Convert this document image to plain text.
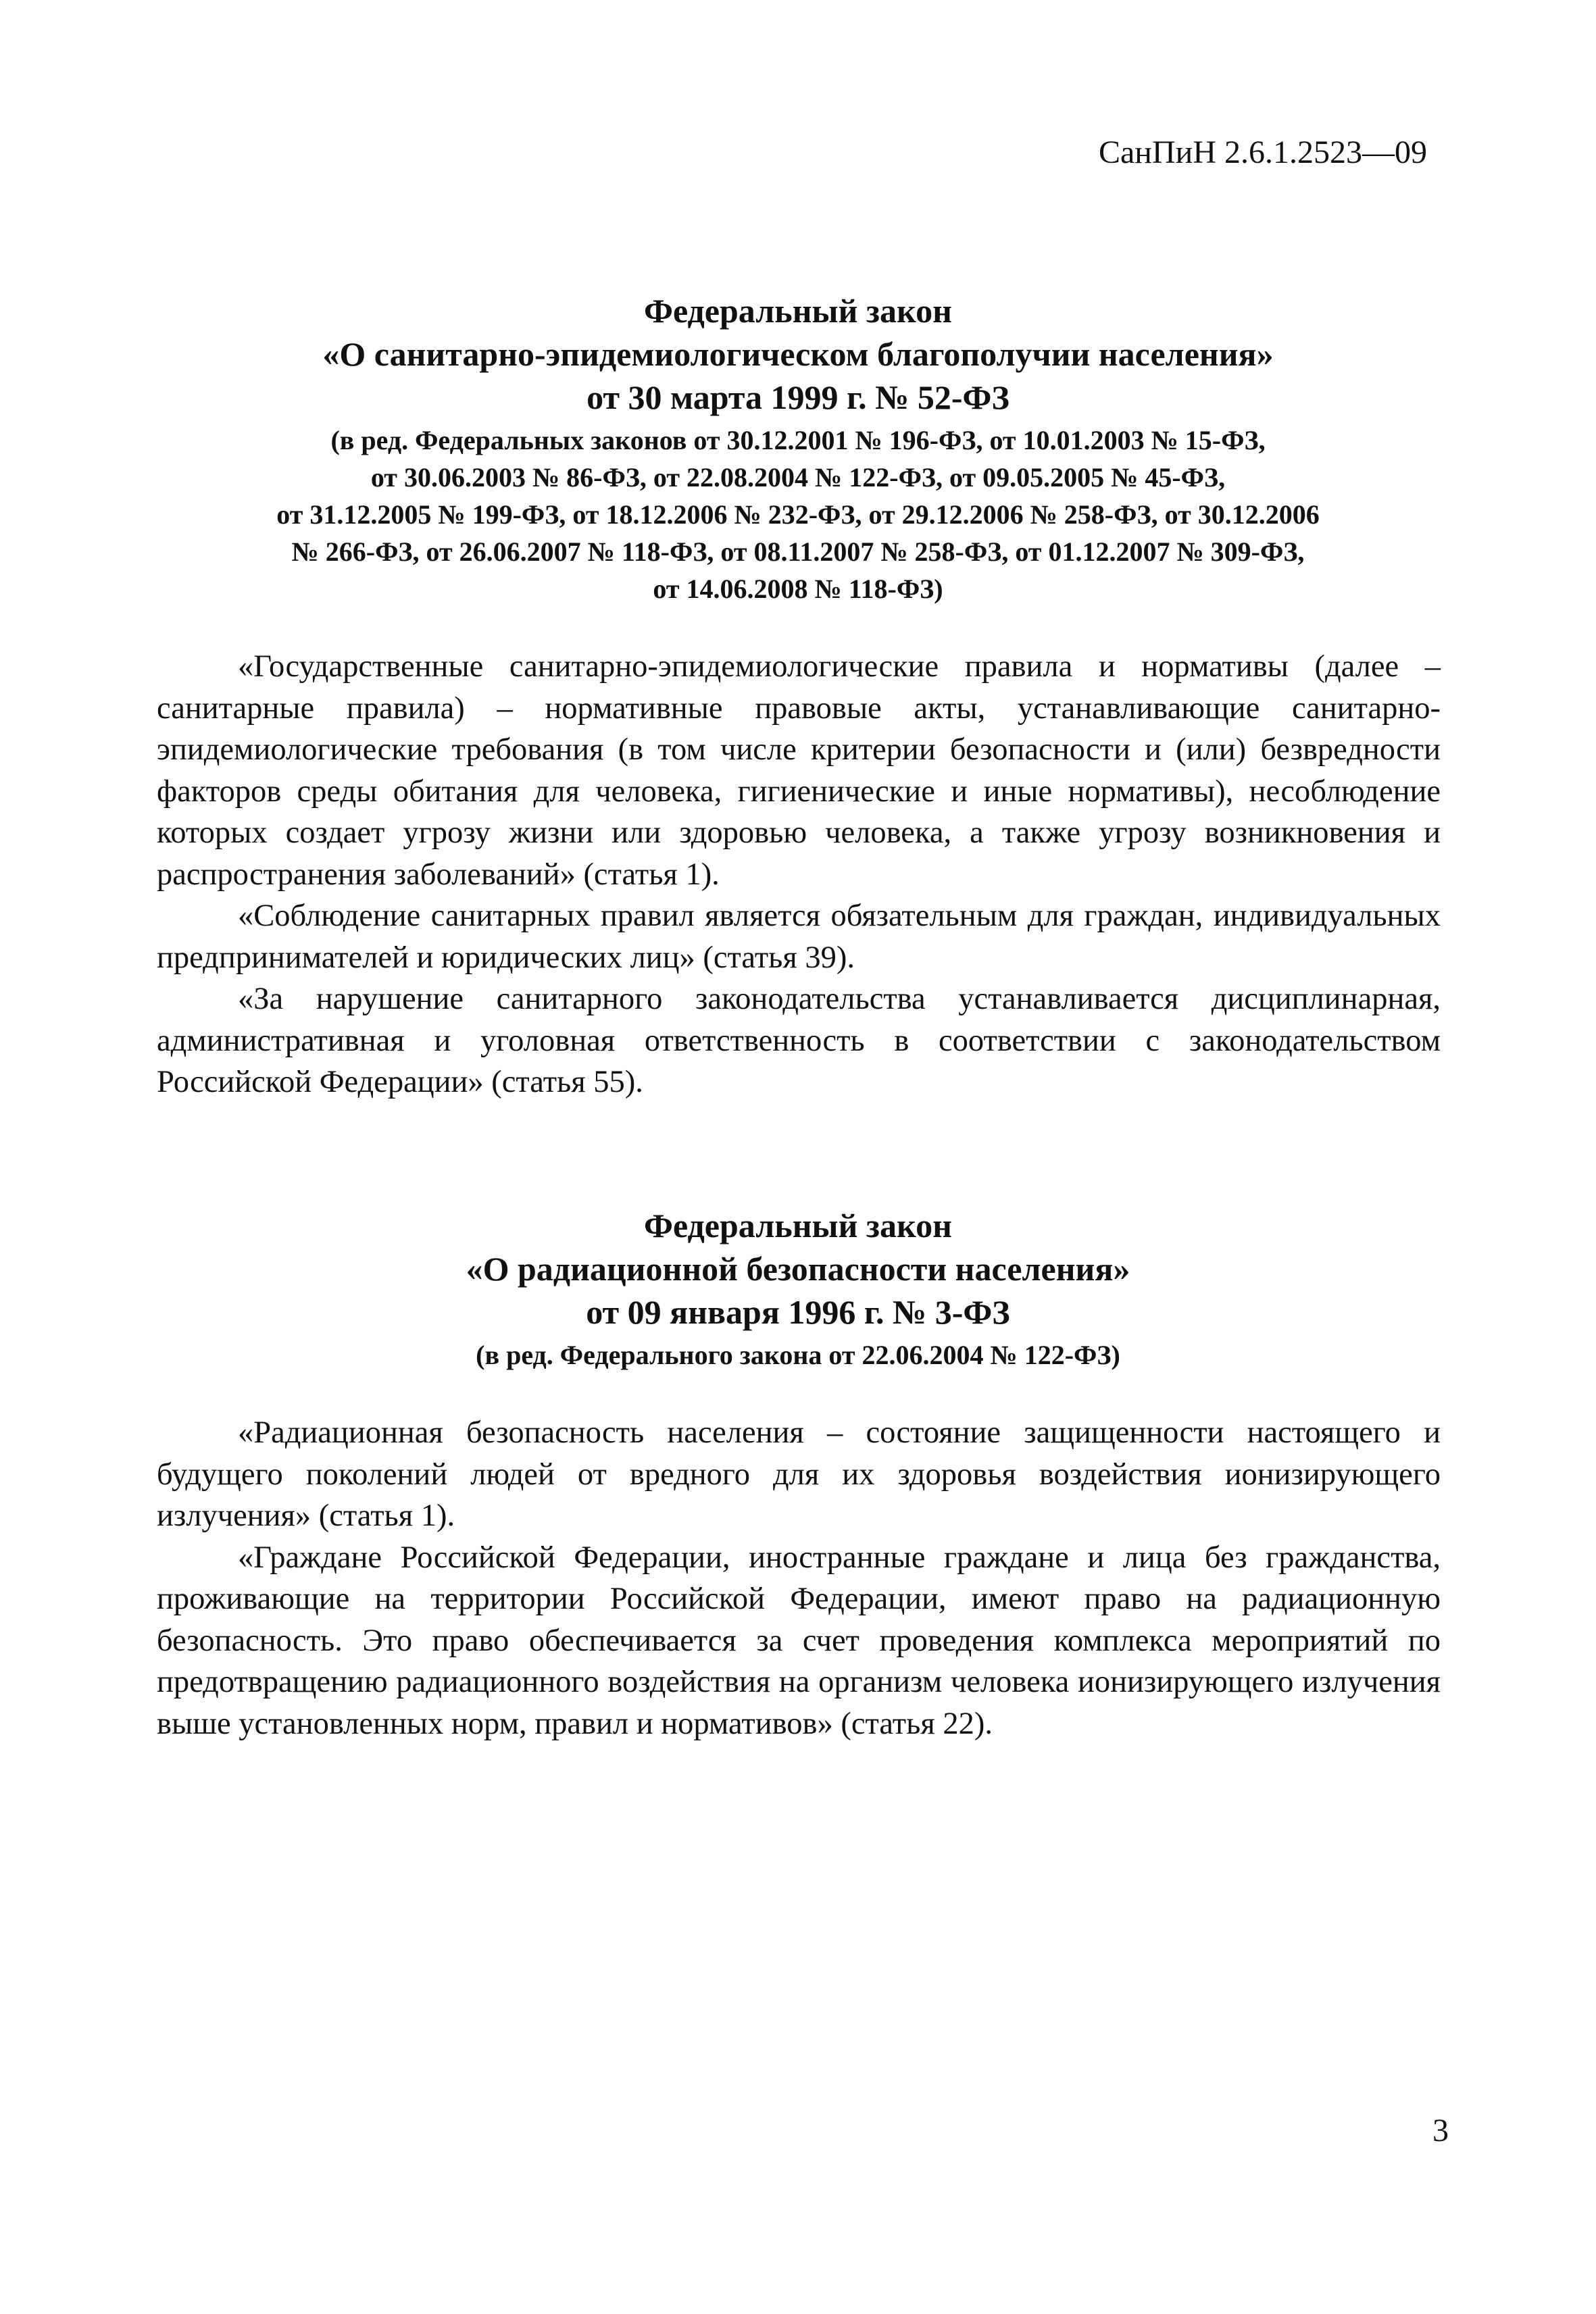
СанПиН 2.6.1.2523—09

Федеральный закон

«О санитарно-эпидемиологическом благополучии населения»

от 30 марта 1999 г. № 52-ФЗ

(в ред. Федеральных законов от 30.12.2001 № 196-ФЗ, от 10.01.2003 № 15-ФЗ,
от 30.06.2003 № 86-ФЗ, от 22.08.2004 № 122-ФЗ, от 09.05.2005 № 45-ФЗ,
от 31.12.2005 № 199-ФЗ, от 18.12.2006 № 232-ФЗ, от 29.12.2006 № 258-ФЗ, от 30.12.2006
№ 266-ФЗ, от 26.06.2007 № 118-ФЗ, от 08.11.2007 № 258-ФЗ, от 01.12.2007 № 309-ФЗ,
от 14.06.2008 № 118-ФЗ)

«Государственные санитарно-эпидемиологические правила и нормативы (далее – санитарные правила) – нормативные правовые акты, устанавливающие санитарно-эпидемиологические требования (в том числе критерии безопасности и (или) безвредности факторов среды обитания для человека, гигиенические и иные нормативы), несоблюдение которых создает угрозу жизни или здоровью человека, а также угрозу возникновения и распространения заболеваний» (статья 1).

«Соблюдение санитарных правил является обязательным для граждан, индивидуальных предпринимателей и юридических лиц» (статья 39).

«За нарушение санитарного законодательства устанавливается дисциплинарная, административная и уголовная ответственность в соответствии с законодательством Российской Федерации» (статья 55).

Федеральный закон

«О радиационной безопасности населения»

от 09 января 1996 г. № 3-ФЗ

(в ред. Федерального закона от 22.06.2004 № 122-ФЗ)

«Радиационная безопасность населения – состояние защищенности настоящего и будущего поколений людей от вредного для их здоровья воздействия ионизирующего излучения» (статья 1).

«Граждане Российской Федерации, иностранные граждане и лица без гражданства, проживающие на территории Российской Федерации, имеют право на радиационную безопасность. Это право обеспечивается за счет проведения комплекса мероприятий по предотвращению радиационного воздействия на организм человека ионизирующего излучения выше установленных норм, правил и нормативов» (статья 22).

3
